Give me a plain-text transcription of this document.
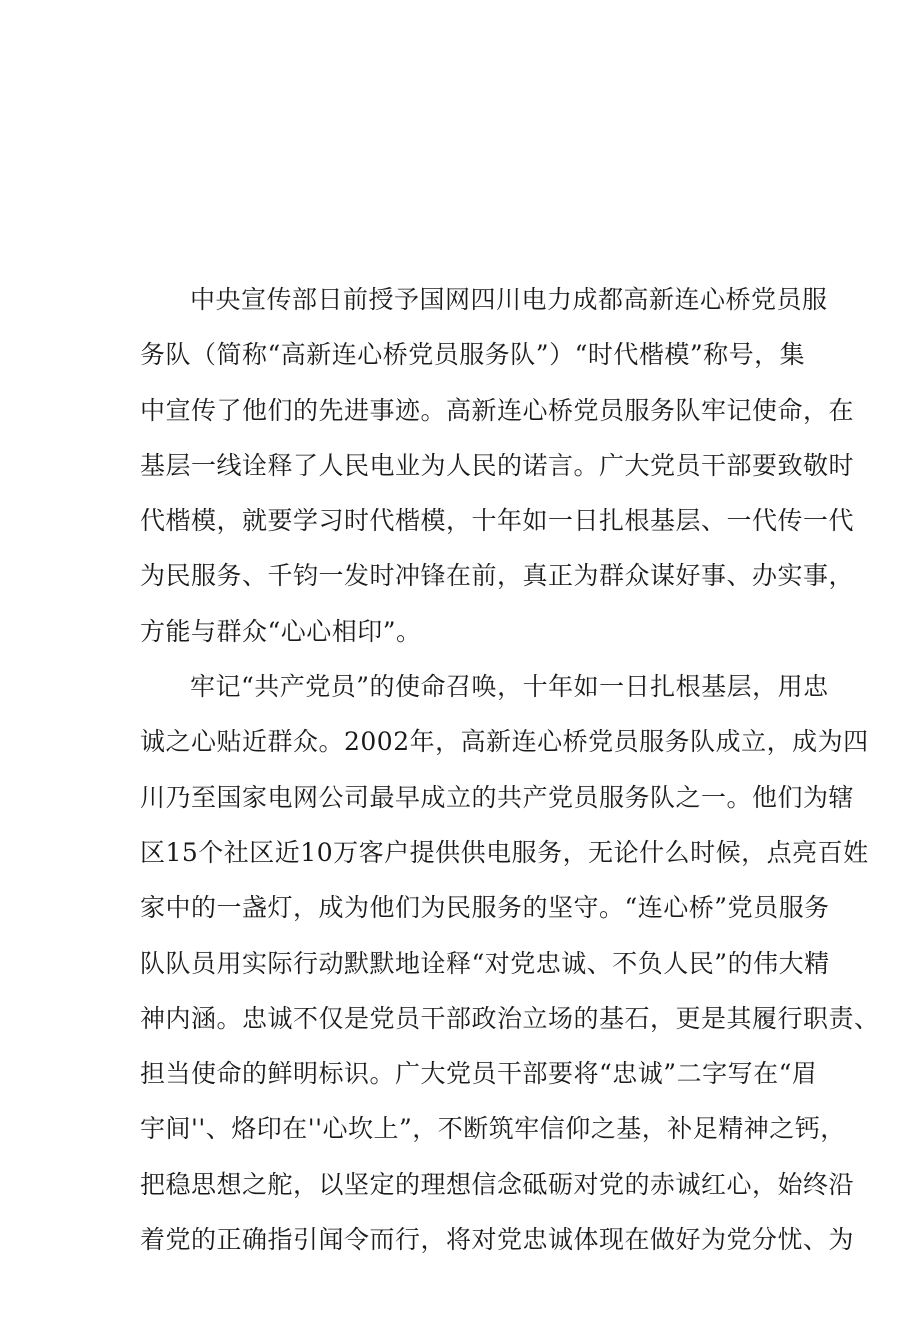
中央宣传部日前授予国网四川电力成都高新连心桥党员服
务队（简称“高新连心桥党员服务队”）“时代楷模”称号，集
中宣传了他们的先进事迹。高新连心桥党员服务队牢记使命，在
基层一线诠释了人民电业为人民的诺言。广大党员干部要致敬时
代楷模，就要学习时代楷模，十年如一日扎根基层、一代传一代
为民服务、千钧一发时冲锋在前，真正为群众谋好事、办实事，
方能与群众“心心相印”。
牢记“共产党员”的使命召唤，十年如一日扎根基层，用忠
诚之心贴近群众。2002年，高新连心桥党员服务队成立，成为四
川乃至国家电网公司最早成立的共产党员服务队之一。他们为辖
区15个社区近10万客户提供供电服务，无论什么时候，点亮百姓
家中的一盏灯，成为他们为民服务的坚守。“连心桥”党员服务
队队员用实际行动默默地诠释“对党忠诚、不负人民”的伟大精
神内涵。忠诚不仅是党员干部政治立场的基石，更是其履行职责、
担当使命的鲜明标识。广大党员干部要将“忠诚”二字写在“眉
宇间''、烙印在''心坎上”，不断筑牢信仰之基，补足精神之钙，
把稳思想之舵，以坚定的理想信念砥砺对党的赤诚红心，始终沿
着党的正确指引闻令而行，将对党忠诚体现在做好为党分忧、为
